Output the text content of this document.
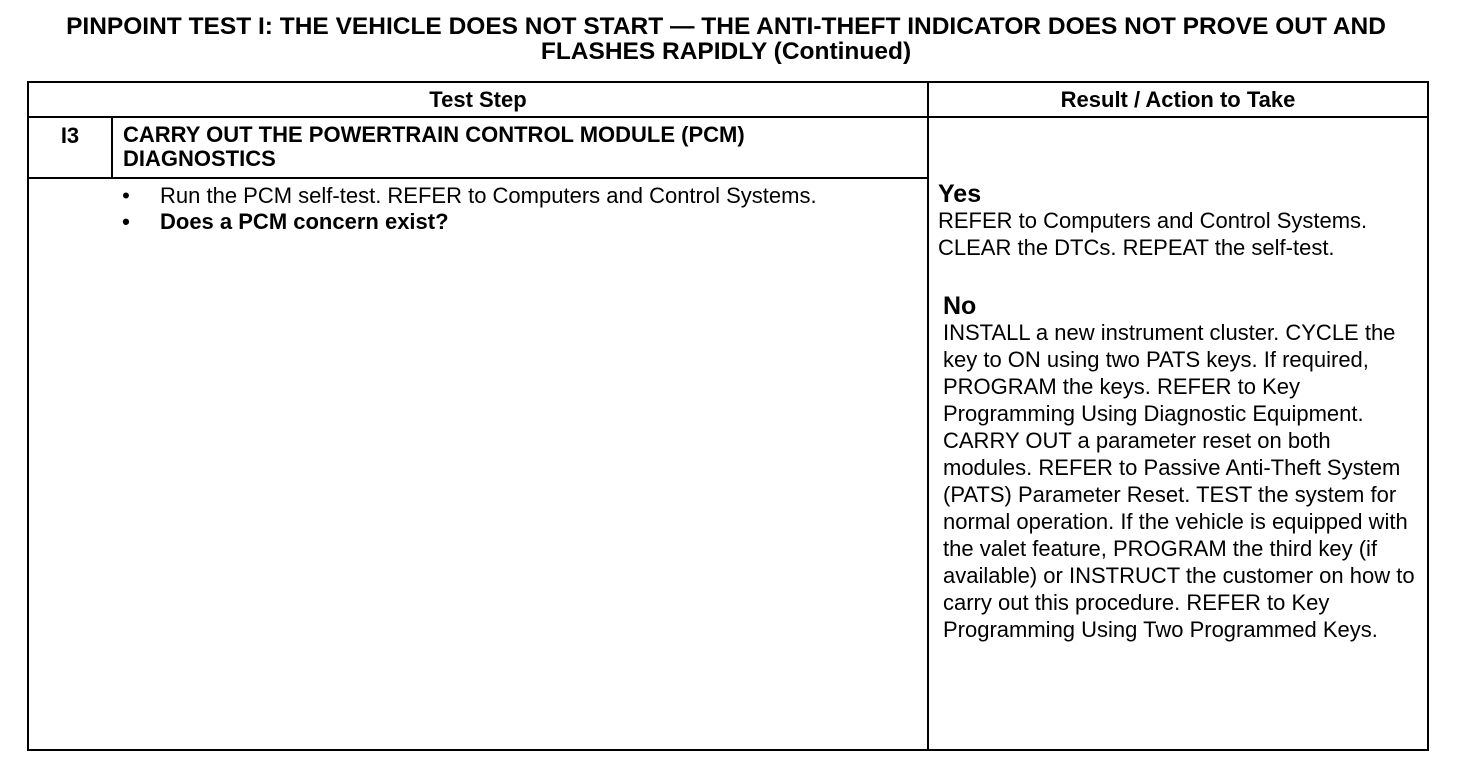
PINPOINT TEST I: THE VEHICLE DOES NOT START — THE ANTI-THEFT INDICATOR DOES NOT PROVE OUT AND FLASHES RAPIDLY (Continued)
Test Step	Result / Action to Take
I3	CARRY OUT THE POWERTRAIN CONTROL MODULE (PCM) DIAGNOSTICS

• Run the PCM self-test. REFER to Computers and Control Systems.
• Does a PCM concern exist?

Yes

REFER to Computers and Control Systems. CLEAR the DTCs. REPEAT the self-test.

No

INSTALL a new instrument cluster. CYCLE the key to ON using two PATS keys. If required, PROGRAM the keys. REFER to Key Programming Using Diagnostic Equipment. CARRY OUT a parameter reset on both modules. REFER to Passive Anti-Theft System (PATS) Parameter Reset. TEST the system for normal operation. If the vehicle is equipped with the valet feature, PROGRAM the third key (if available) or INSTRUCT the customer on how to carry out this procedure. REFER to Key Programming Using Two Programmed Keys.
